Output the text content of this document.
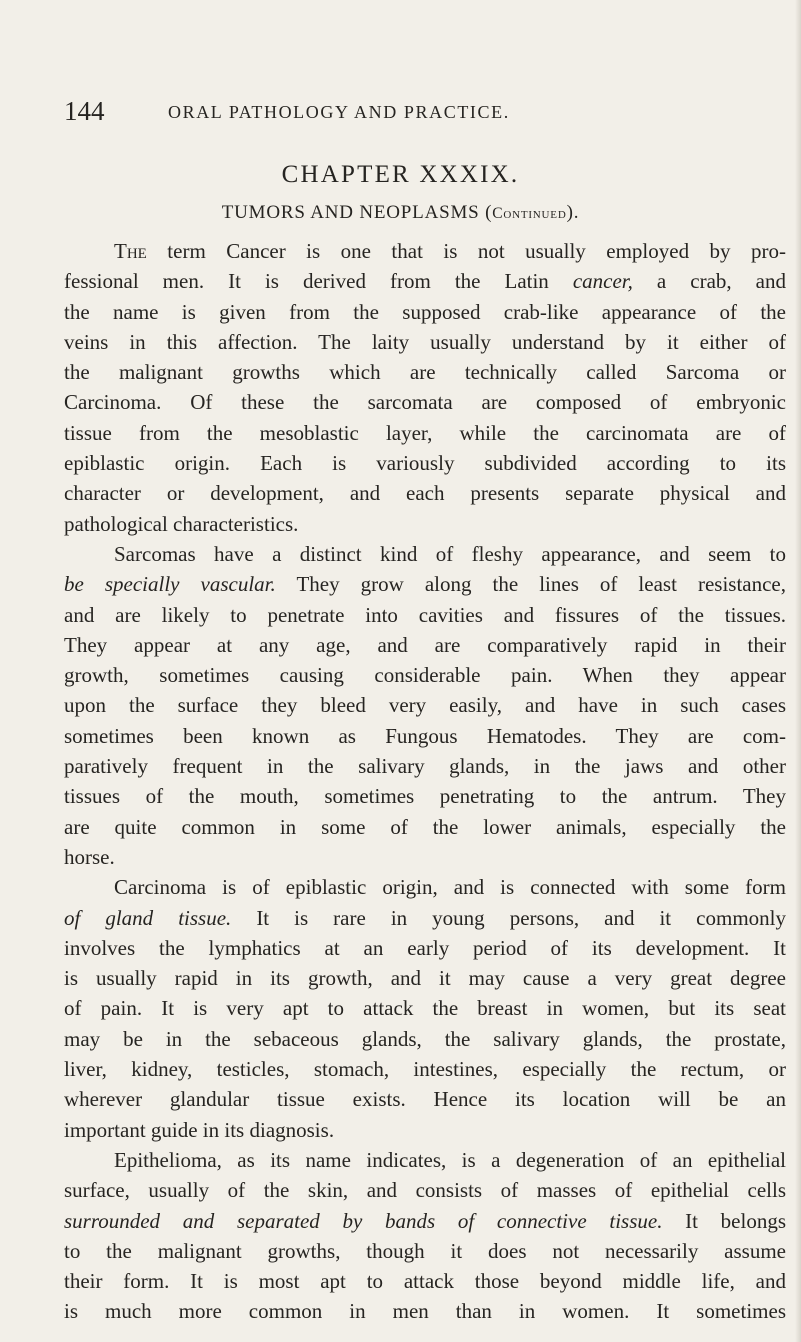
144	ORAL PATHOLOGY AND PRACTICE.
CHAPTER XXXIX.
TUMORS AND NEOPLASMS (Continued).
The term Cancer is one that is not usually employed by pro-
fessional men. It is derived from the Latin cancer, a crab, and
the name is given from the supposed crab-like appearance of the
veins in this affection. The laity usually understand by it either of
the malignant growths which are technically called Sarcoma or
Carcinoma. Of these the sarcomata are composed of embryonic
tissue from the mesoblastic layer, while the carcinomata are of
epiblastic origin. Each is variously subdivided according to its
character or development, and each presents separate physical and
pathological characteristics.
Sarcomas have a distinct kind of fleshy appearance, and seem to
be specially vascular. They grow along the lines of least resistance,
and are likely to penetrate into cavities and fissures of the tissues.
They appear at any age, and are comparatively rapid in their
growth, sometimes causing considerable pain. When they appear
upon the surface they bleed very easily, and have in such cases
sometimes been known as Fungous Hematodes. They are com-
paratively frequent in the salivary glands, in the jaws and other
tissues of the mouth, sometimes penetrating to the antrum. They
are quite common in some of the lower animals, especially the
horse.
Carcinoma is of epiblastic origin, and is connected with some form
of gland tissue. It is rare in young persons, and it commonly
involves the lymphatics at an early period of its development. It
is usually rapid in its growth, and it may cause a very great degree
of pain. It is very apt to attack the breast in women, but its seat
may be in the sebaceous glands, the salivary glands, the prostate,
liver, kidney, testicles, stomach, intestines, especially the rectum, or
wherever glandular tissue exists. Hence its location will be an
important guide in its diagnosis.
Epithelioma, as its name indicates, is a degeneration of an epithelial
surface, usually of the skin, and consists of masses of epithelial cells
surrounded and separated by bands of connective tissue. It belongs
to the malignant growths, though it does not necessarily assume
their form. It is most apt to attack those beyond middle life, and
is much more common in men than in women. It sometimes
